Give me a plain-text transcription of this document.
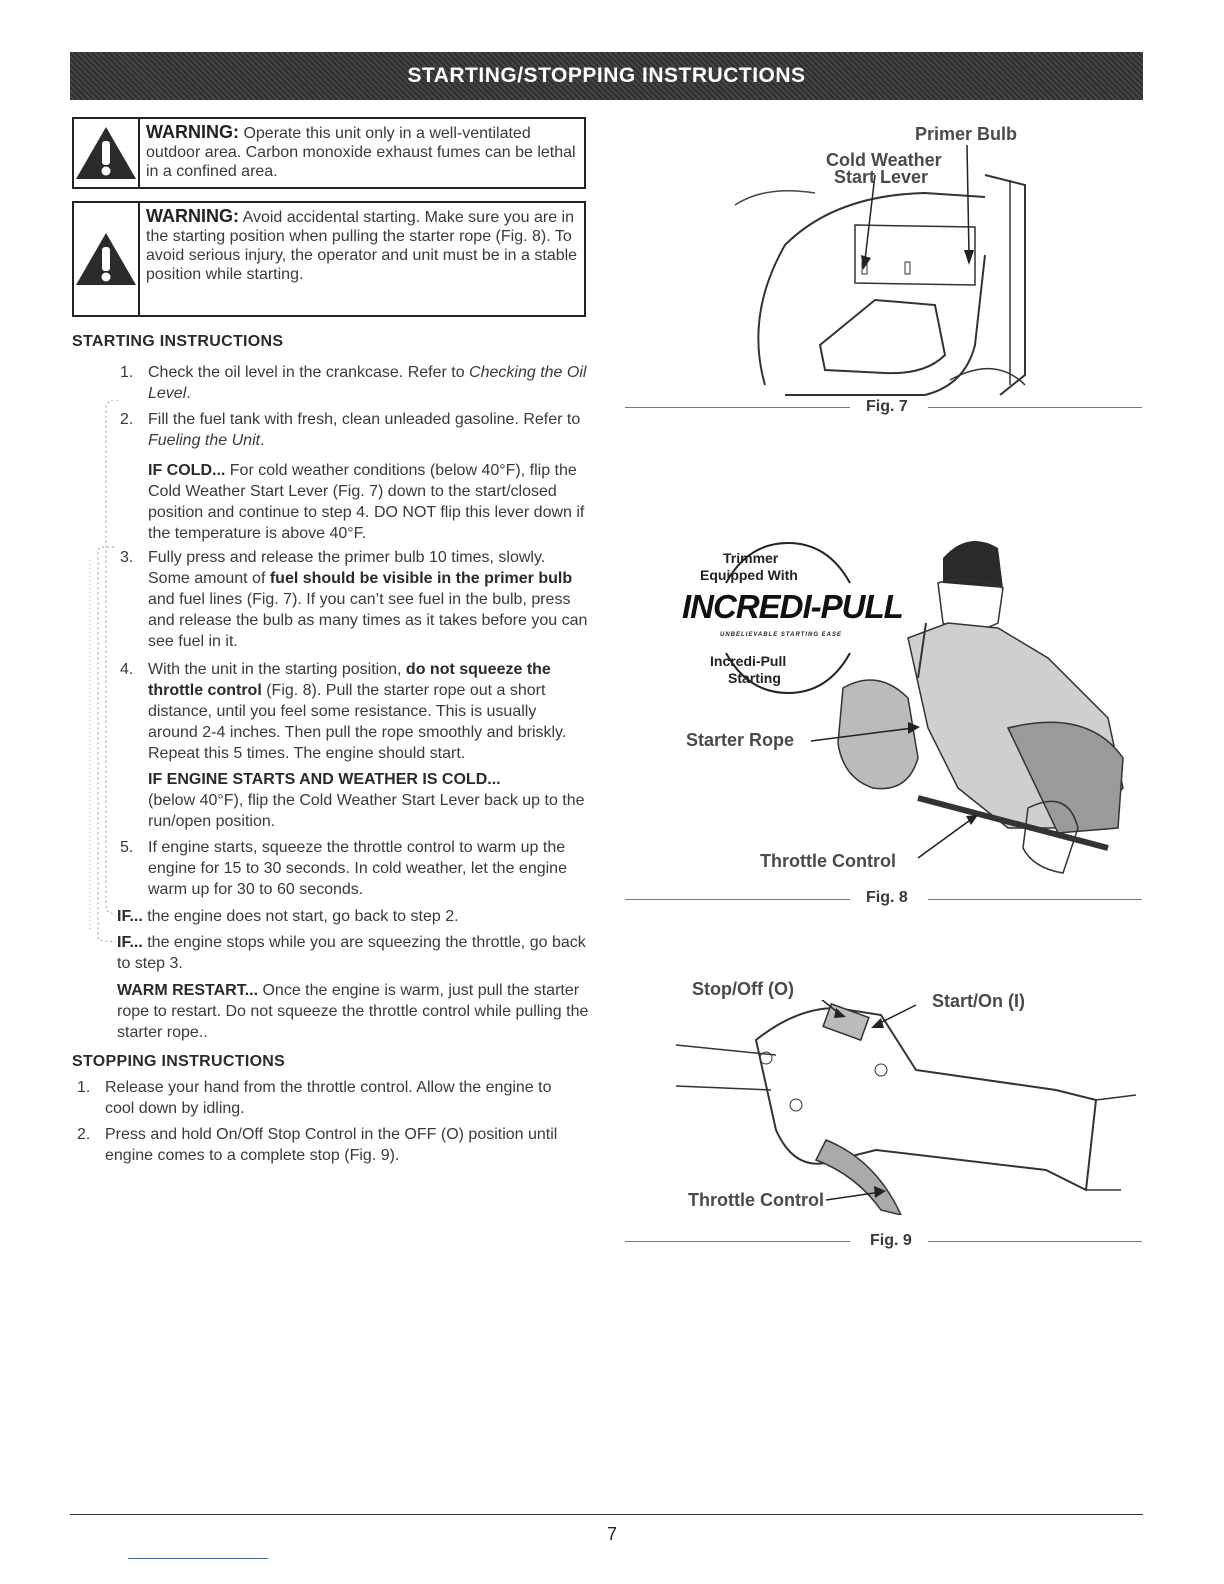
STARTING/STOPPING INSTRUCTIONS
WARNING: Operate this unit only in a well-ventilated outdoor area. Carbon monoxide exhaust fumes can be lethal in a confined area.
WARNING: Avoid accidental starting. Make sure you are in the starting position when pulling the starter rope (Fig. 8). To avoid serious injury, the operator and unit must be in a stable position while starting.
STARTING INSTRUCTIONS
1. Check the oil level in the crankcase. Refer to Checking the Oil Level.
2. Fill the fuel tank with fresh, clean unleaded gasoline. Refer to Fueling the Unit.
IF COLD... For cold weather conditions (below 40°F), flip the Cold Weather Start Lever (Fig. 7) down to the start/closed position and continue to step 4. DO NOT flip this lever down if the temperature is above 40°F.
3. Fully press and release the primer bulb 10 times, slowly. Some amount of fuel should be visible in the primer bulb and fuel lines (Fig. 7). If you can’t see fuel in the bulb, press and release the bulb as many times as it takes before you can see fuel in it.
4. With the unit in the starting position, do not squeeze the throttle control (Fig. 8). Pull the starter rope out a short distance, until you feel some resistance. This is usually around 2-4 inches. Then pull the rope smoothly and briskly. Repeat this 5 times. The engine should start.
IF ENGINE STARTS AND WEATHER IS COLD...
(below 40°F), flip the Cold Weather Start Lever back up to the run/open position.
5. If engine starts, squeeze the throttle control to warm up the engine for 15 to 30 seconds. In cold weather, let the engine warm up for 30 to 60 seconds.
IF... the engine does not start, go back to step 2.
IF... the engine stops while you are squeezing the throttle, go back to step 3.
WARM RESTART... Once the engine is warm, just pull the starter rope to restart. Do not squeeze the throttle control while pulling the starter rope..
STOPPING INSTRUCTIONS
1. Release your hand from the throttle control. Allow the engine to cool down by idling.
2. Press and hold On/Off Stop Control in the OFF (O) position until engine comes to a complete stop (Fig. 9).
Primer Bulb
Cold Weather
Start Lever
Fig. 7
Trimmer
Equipped With
INCREDI-PULL
UNBELIEVABLE STARTING EASE
Incredi-Pull
Starting
Starter Rope
Throttle Control
Fig. 8
Stop/Off (O)
Start/On (I)
Throttle Control
Fig. 9
7
